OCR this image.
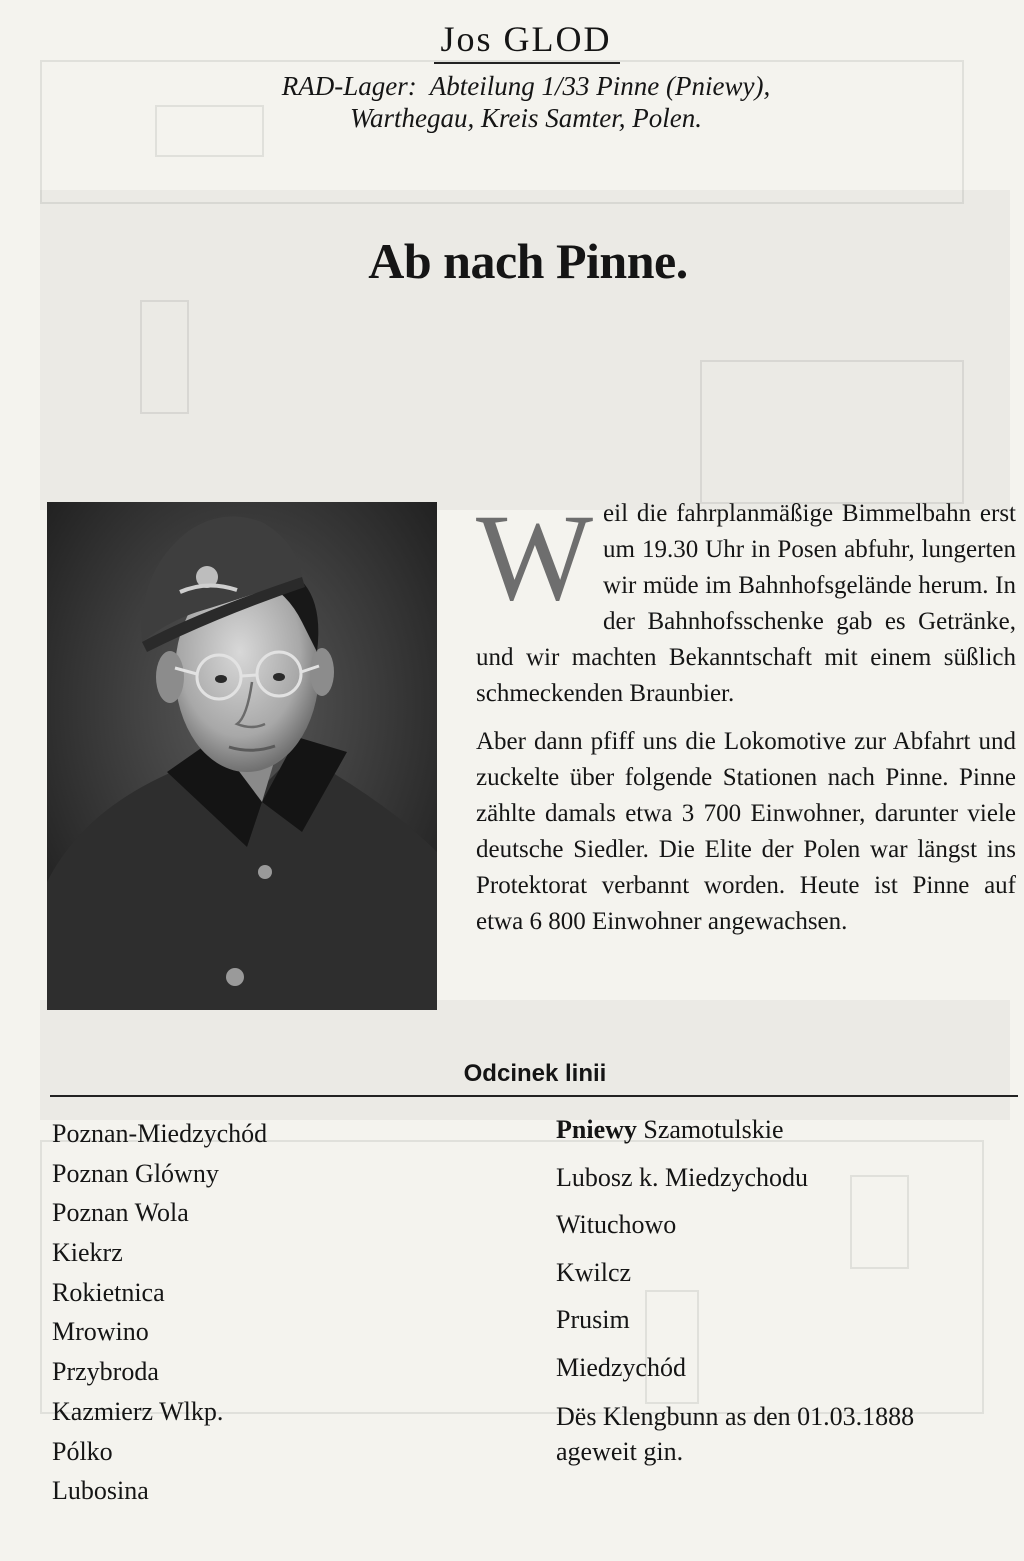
Jos GLOD
RAD-Lager:  Abteilung 1/33 Pinne (Pniewy),
Warthegau, Kreis Samter, Polen.
Ab nach Pinne.

Weil die fahrplanmäßige Bimmelbahn erst um 19.30 Uhr in Posen abfuhr, lungerten wir müde im Bahnhofsgelände herum. In der Bahnhofsschenke gab es Getränke, und wir machten Bekanntschaft mit einem süßlich schmeckenden Braunbier.

Aber dann pfiff uns die Lokomotive zur Abfahrt und zuckelte über folgende Stationen nach Pinne. Pinne zählte damals etwa 3 700 Einwohner, darunter viele deutsche Siedler. Die Elite der Polen war längst ins Protektorat verbannt worden. Heute ist Pinne auf etwa 6 800 Einwohner angewachsen.

Odcinek linii
Poznan-Miedzychód
Poznan Glówny
Poznan Wola
Kiekrz
Rokietnica
Mrowino
Przybroda
Kazmierz Wlkp.
Pólko
Lubosina
Pniewy Szamotulskie
Lubosz k. Miedzychodu
Wituchowo
Kwilcz
Prusim
Miedzychód
Dës Klengbunn as den 01.03.1888 ageweit gin.
